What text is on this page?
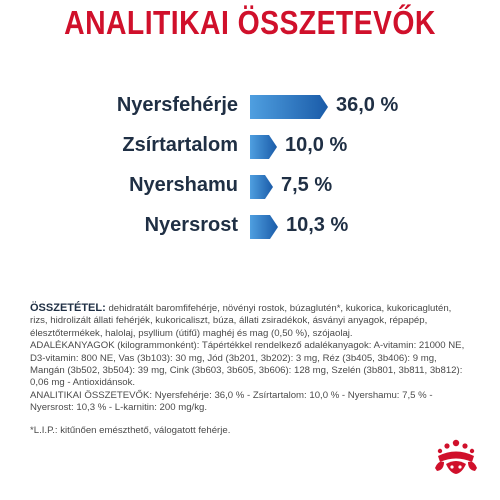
ANALITIKAI ÖSSZETEVŐK
Nyersfehérje	36,0 %
Zsírtartalom 10,0 %
Nyershamu 7,5 %
Nyersrost 10,3 %

ÖSSZETÉTEL: dehidratált baromfifehérje, növényi rostok, búzaglutén*, kukorica, kukoricaglutén, rizs, hidrolizált állati fehérjék, kukoricaliszt, búza, állati zsiradékok, ásványi anyagok, répapép, élesztőtermékek, halolaj, psyllium (útifű) maghéj és mag (0,50 %), szójaolaj.

ADALÉKANYAGOK (kilogrammonként): Tápértékkel rendelkező adalékanyagok: A-vitamin: 21000 NE, D3-vitamin: 800 NE, Vas (3b103): 30 mg, Jód (3b201, 3b202): 3 mg, Réz (3b405, 3b406): 9 mg, Mangán (3b502, 3b504): 39 mg, Cink (3b603, 3b605, 3b606): 128 mg, Szelén (3b801, 3b811, 3b812): 0,06 mg - Antioxidánsok.

ANALITIKAI ÖSSZETEVŐK: Nyersfehérje: 36,0 % - Zsírtartalom: 10,0 % - Nyershamu: 7,5 % - Nyersrost: 10,3 % - L-karnitin: 200 mg/kg.

*L.I.P.: kitűnően emészthető, válogatott fehérje.
